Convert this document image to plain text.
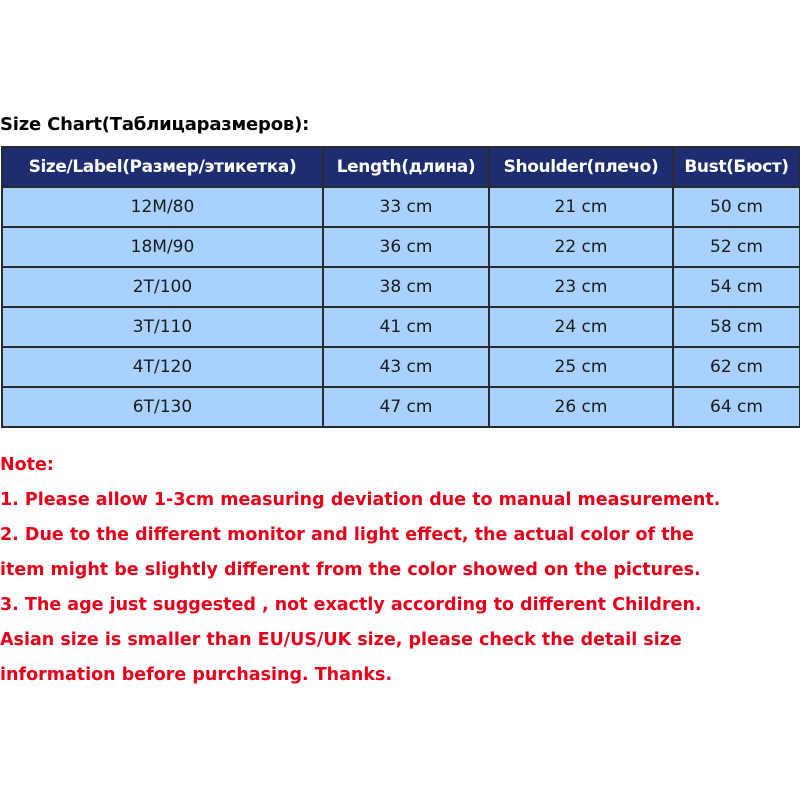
Size Chart(Таблицаразмеров):
Size/Label(Размер/этикетка)	Length(длина)	Shoulder(плечо)	Bust(Бюст)
12M/80	33 cm	21 cm	50 cm
18M/90	36 cm	22 cm	52 cm
2T/100	38 cm	23 cm	54 cm
3T/110	41 cm	24 cm	58 cm
4T/120	43 cm	25 cm	62 cm
6T/130	47 cm	26 cm	64 cm
Note:
1. Please allow 1-3cm measuring deviation due to manual measurement.
2. Due to the different monitor and light effect, the actual color of the
item might be slightly different from the color showed on the pictures.
3. The age just suggested , not exactly according to different Children.
Asian size is smaller than EU/US/UK size, please check the detail size
information before purchasing. Thanks.
